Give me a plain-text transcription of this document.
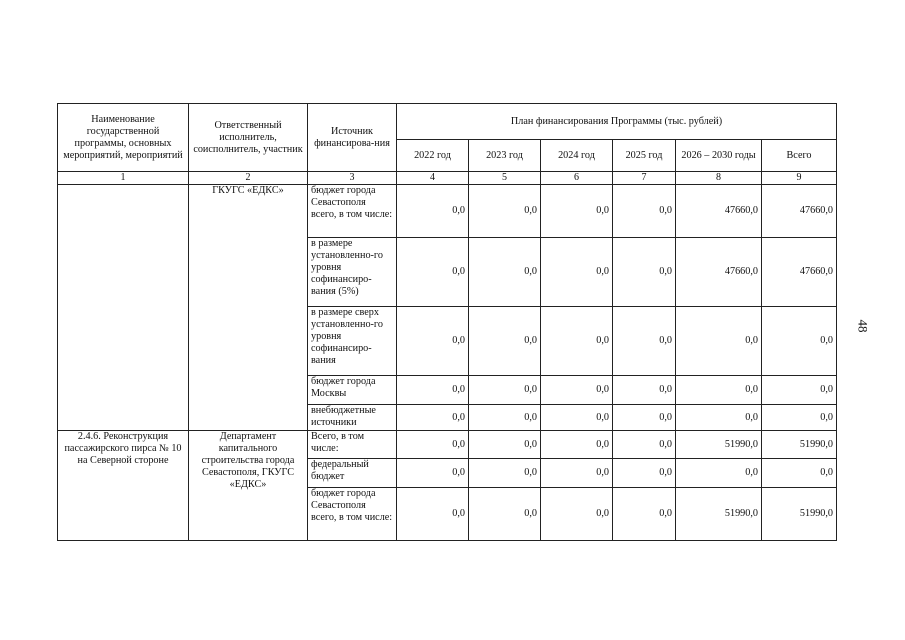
48
Наименование государственной программы, основных мероприятий, мероприятий	Ответственный исполнитель, соисполнитель, участник	Источник финансирова-ния	План финансирования Программы (тыс. рублей)					
			2022 год	2023 год	2024 год	2025 год	2026 – 2030 годы	Всего
1	2	3	4	5	6	7	8	9
	ГКУГС «ЕДКС»	бюджет города Севастополя всего, в том числе:	0,0	0,0	0,0	0,0	47660,0	47660,0
		в размере установленно-го уровня софинансиро-вания (5%)	0,0	0,0	0,0	0,0	47660,0	47660,0
		в размере сверх установленно-го уровня софинансиро-вания	0,0	0,0	0,0	0,0	0,0	0,0
		бюджет города Москвы	0,0	0,0	0,0	0,0	0,0	0,0
		внебюджетные источники	0,0	0,0	0,0	0,0	0,0	0,0
2.4.6. Реконструкция пассажирского пирса № 10 на Северной стороне	Департамент капитального строительства города Севастополя, ГКУГС «ЕДКС»	Всего, в том числе:	0,0	0,0	0,0	0,0	51990,0	51990,0
		федеральный бюджет	0,0	0,0	0,0	0,0	0,0	0,0
		бюджет города Севастополя всего, в том числе:	0,0	0,0	0,0	0,0	51990,0	51990,0
